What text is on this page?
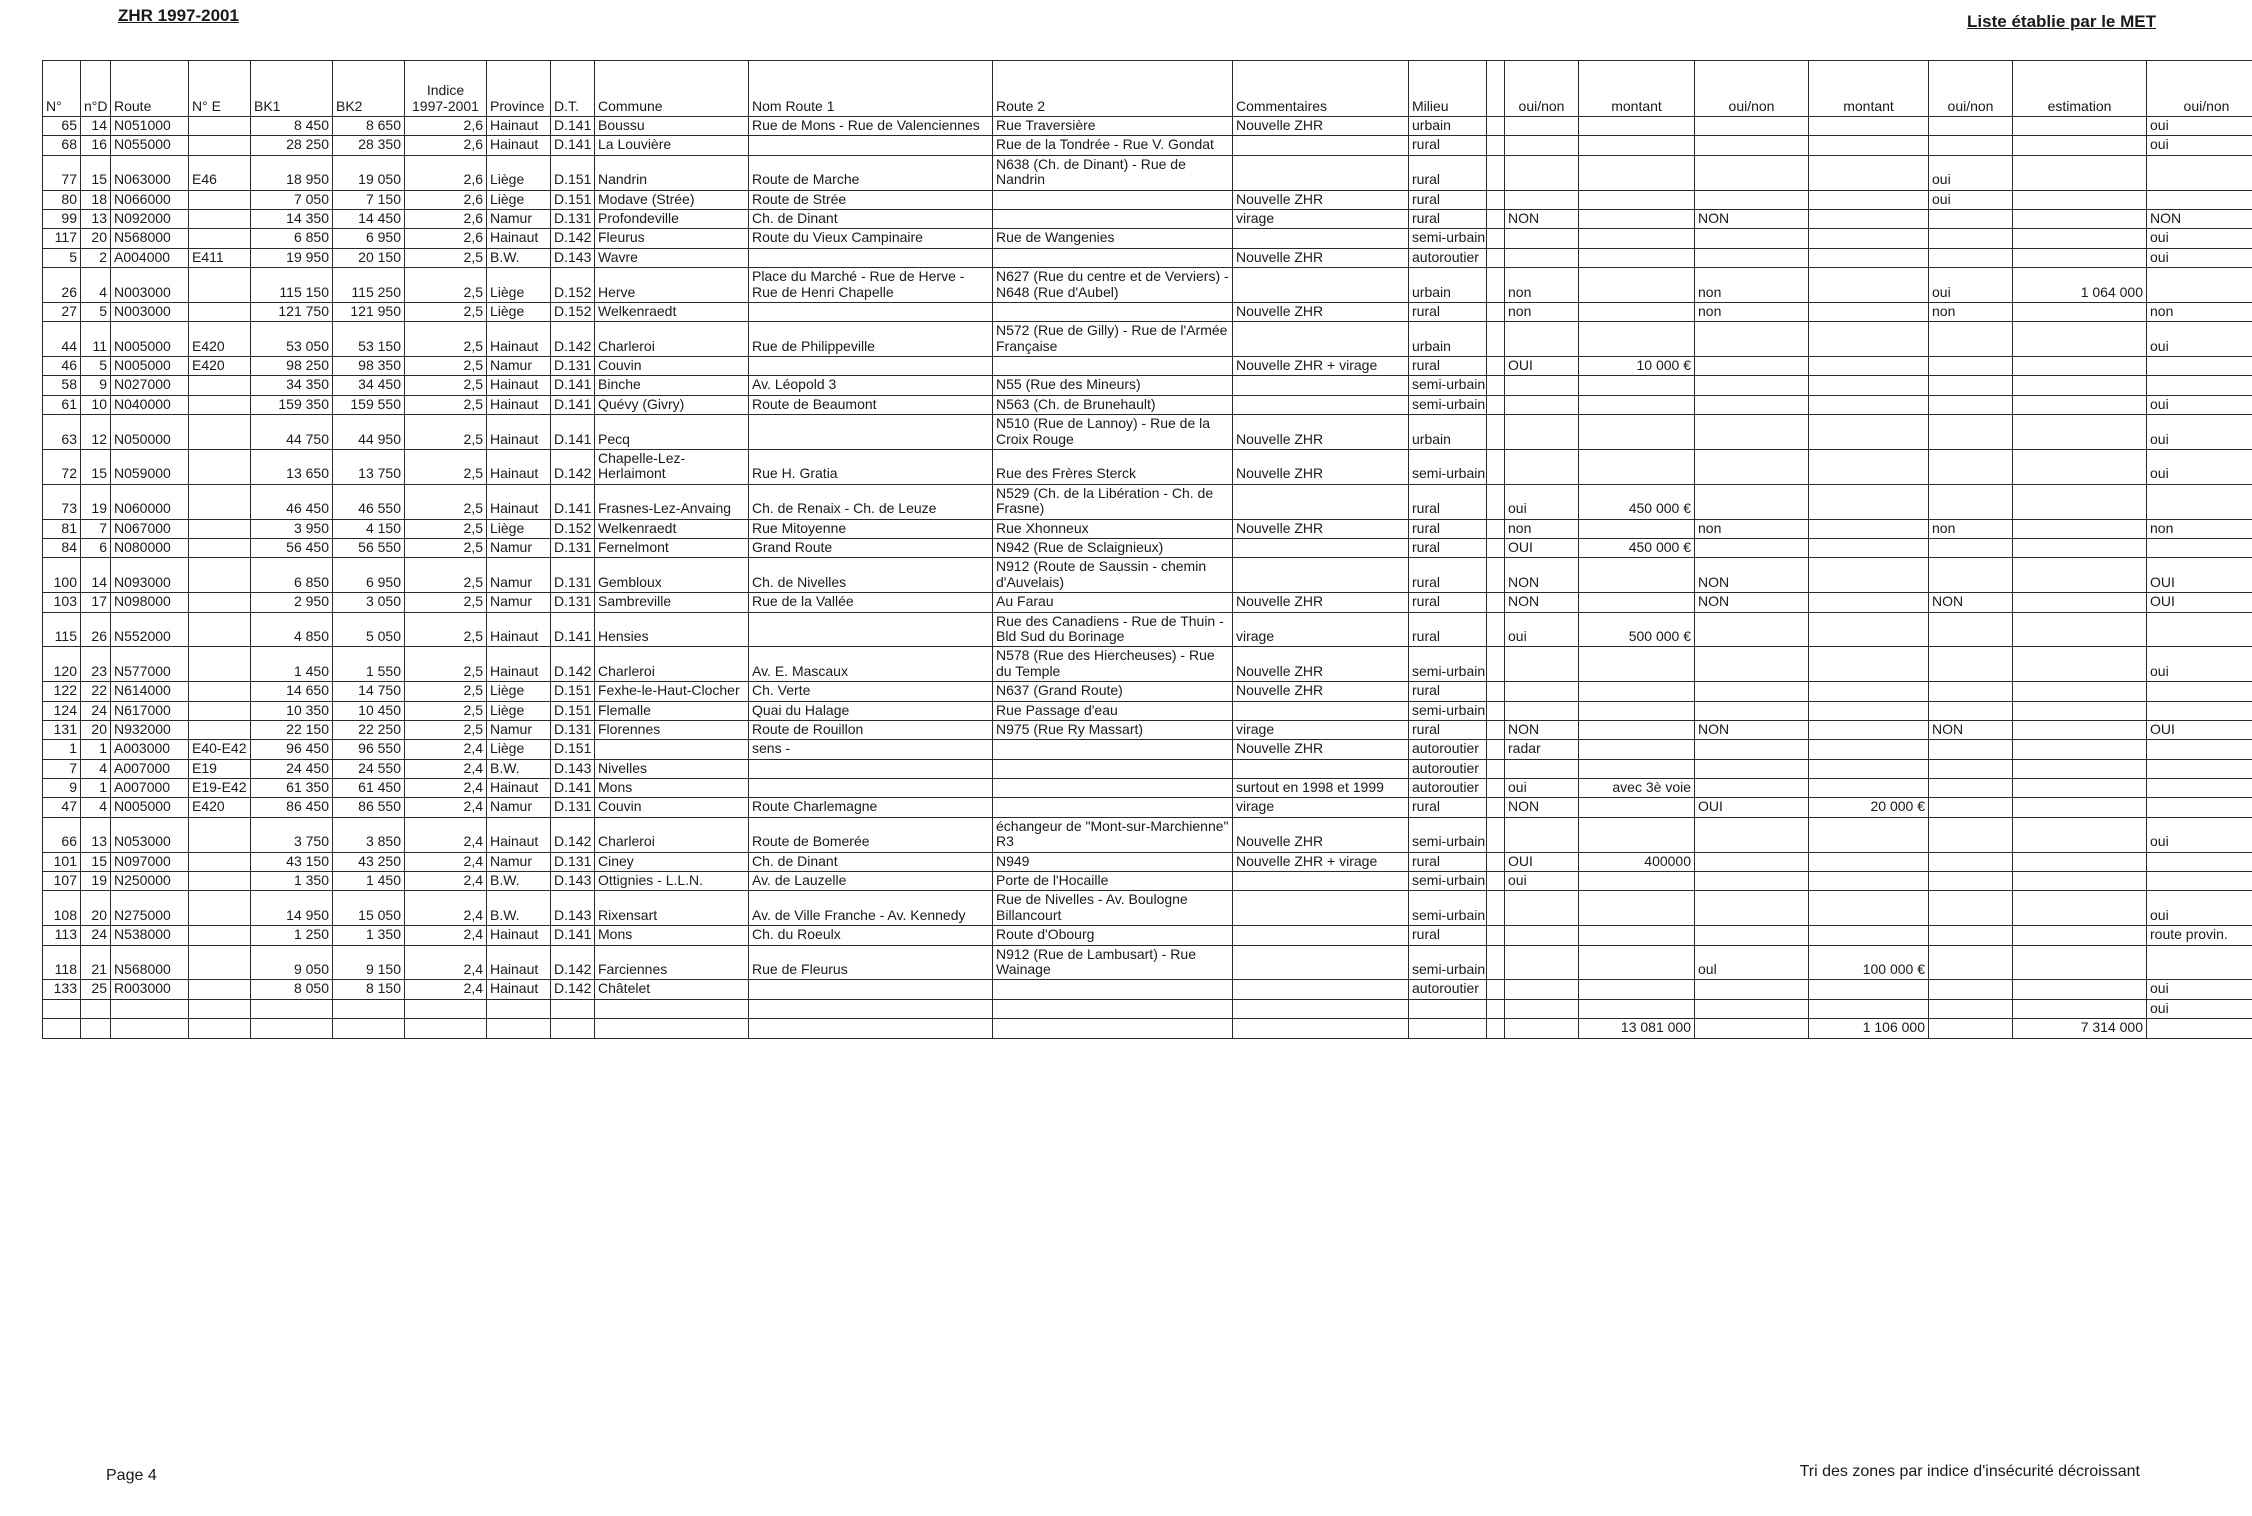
ZHR 1997-2001	Liste établie par le MET
N°	n°D	Route	N° E	BK1	BK2	Indice 1997-2001	Province	D.T.	Commune	Nom Route 1	Route 2	Commentaires	Milieu		oui/non	montant	oui/non	montant	oui/non	estimation	oui/non
65	14	N051000		8 450	8 650	2,6	Hainaut	D.141	Boussu	Rue de Mons - Rue de Valenciennes	Rue Traversière	Nouvelle ZHR	urbain								oui
68	16	N055000		28 250	28 350	2,6	Hainaut	D.141	La Louvière		Rue de la Tondrée - Rue V. Gondat		rural								oui
77	15	N063000	E46	18 950	19 050	2,6	Liège	D.151	Nandrin	Route de Marche	N638 (Ch. de Dinant) - Rue de Nandrin		rural						oui		
80	18	N066000		7 050	7 150	2,6	Liège	D.151	Modave (Strée)	Route de Strée		Nouvelle ZHR	rural						oui		
99	13	N092000		14 350	14 450	2,6	Namur	D.131	Profondeville	Ch. de Dinant		virage	rural		NON		NON				NON
117	20	N568000		6 850	6 950	2,6	Hainaut	D.142	Fleurus	Route du Vieux Campinaire	Rue de Wangenies		semi-urbain								oui
5	2	A004000	E411	19 950	20 150	2,5	B.W.	D.143	Wavre			Nouvelle ZHR	autoroutier								oui
26	4	N003000		115 150	115 250	2,5	Liège	D.152	Herve	Place du Marché - Rue de Herve - Rue de Henri Chapelle	N627 (Rue du centre et de Verviers) - N648 (Rue d'Aubel)		urbain		non		non		oui	1 064 000	
27	5	N003000		121 750	121 950	2,5	Liège	D.152	Welkenraedt			Nouvelle ZHR	rural		non		non		non		non
44	11	N005000	E420	53 050	53 150	2,5	Hainaut	D.142	Charleroi	Rue de Philippeville	N572 (Rue de Gilly) - Rue de l'Armée Française		urbain								oui
46	5	N005000	E420	98 250	98 350	2,5	Namur	D.131	Couvin			Nouvelle ZHR + virage	rural		OUI	10 000 €					
58	9	N027000		34 350	34 450	2,5	Hainaut	D.141	Binche	Av. Léopold 3	N55 (Rue des Mineurs)		semi-urbain								
61	10	N040000		159 350	159 550	2,5	Hainaut	D.141	Quévy (Givry)	Route de Beaumont	N563 (Ch. de Brunehault)		semi-urbain								oui
63	12	N050000		44 750	44 950	2,5	Hainaut	D.141	Pecq		N510 (Rue de Lannoy) - Rue de la Croix Rouge	Nouvelle ZHR	urbain								oui
72	15	N059000		13 650	13 750	2,5	Hainaut	D.142	Chapelle-Lez-Herlaimont	Rue H. Gratia	Rue des Frères Sterck	Nouvelle ZHR	semi-urbain								oui
73	19	N060000		46 450	46 550	2,5	Hainaut	D.141	Frasnes-Lez-Anvaing	Ch. de Renaix - Ch. de Leuze	N529 (Ch. de la Libération - Ch. de Frasne)		rural		oui	450 000 €					
81	7	N067000		3 950	4 150	2,5	Liège	D.152	Welkenraedt	Rue Mitoyenne	Rue Xhonneux	Nouvelle ZHR	rural		non		non		non		non
84	6	N080000		56 450	56 550	2,5	Namur	D.131	Fernelmont	Grand Route	N942 (Rue de Sclaignieux)		rural		OUI	450 000 €					
100	14	N093000		6 850	6 950	2,5	Namur	D.131	Gembloux	Ch. de Nivelles	N912 (Route de Saussin - chemin d'Auvelais)		rural		NON		NON				OUI
103	17	N098000		2 950	3 050	2,5	Namur	D.131	Sambreville	Rue de la Vallée	Au Farau	Nouvelle ZHR	rural		NON		NON		NON		OUI
115	26	N552000		4 850	5 050	2,5	Hainaut	D.141	Hensies		Rue des Canadiens - Rue de Thuin - Bld Sud du Borinage	virage	rural		oui	500 000 €					
120	23	N577000		1 450	1 550	2,5	Hainaut	D.142	Charleroi	Av. E. Mascaux	N578 (Rue des Hiercheuses) - Rue du Temple	Nouvelle ZHR	semi-urbain								oui
122	22	N614000		14 650	14 750	2,5	Liège	D.151	Fexhe-le-Haut-Clocher	Ch. Verte	N637 (Grand Route)	Nouvelle ZHR	rural								
124	24	N617000		10 350	10 450	2,5	Liège	D.151	Flemalle	Quai du Halage	Rue Passage d'eau		semi-urbain								
131	20	N932000		22 150	22 250	2,5	Namur	D.131	Florennes	Route de Rouillon	N975 (Rue Ry Massart)	virage	rural		NON		NON		NON		OUI
1	1	A003000	E40-E42	96 450	96 550	2,4	Liège	D.151		sens -		Nouvelle ZHR	autoroutier		radar						
7	4	A007000	E19	24 450	24 550	2,4	B.W.	D.143	Nivelles				autoroutier								
9	1	A007000	E19-E42	61 350	61 450	2,4	Hainaut	D.141	Mons			surtout en 1998 et 1999	autoroutier		oui	avec 3è voie					
47	4	N005000	E420	86 450	86 550	2,4	Namur	D.131	Couvin	Route Charlemagne		virage	rural		NON		OUI	20 000 €			
66	13	N053000		3 750	3 850	2,4	Hainaut	D.142	Charleroi	Route de Bomerée	échangeur de "Mont-sur-Marchienne" R3	Nouvelle ZHR	semi-urbain								oui
101	15	N097000		43 150	43 250	2,4	Namur	D.131	Ciney	Ch. de Dinant	N949	Nouvelle ZHR + virage	rural		OUI	400000					
107	19	N250000		1 350	1 450	2,4	B.W.	D.143	Ottignies - L.L.N.	Av. de Lauzelle	Porte de l'Hocaille		semi-urbain		oui						
108	20	N275000		14 950	15 050	2,4	B.W.	D.143	Rixensart	Av. de Ville Franche - Av. Kennedy	Rue de Nivelles - Av. Boulogne Billancourt		semi-urbain								oui
113	24	N538000		1 250	1 350	2,4	Hainaut	D.141	Mons	Ch. du Roeulx	Route d'Obourg		rural								route provin.
118	21	N568000		9 050	9 150	2,4	Hainaut	D.142	Farciennes	Rue de Fleurus	N912 (Rue de Lambusart) - Rue Wainage		semi-urbain				oul	100 000 €			
133	25	R003000		8 050	8 150	2,4	Hainaut	D.142	Châtelet				autoroutier								oui
																					oui
																13 081 000		1 106 000		7 314 000	
Page 4	Tri des zones par indice d'insécurité décroissant
